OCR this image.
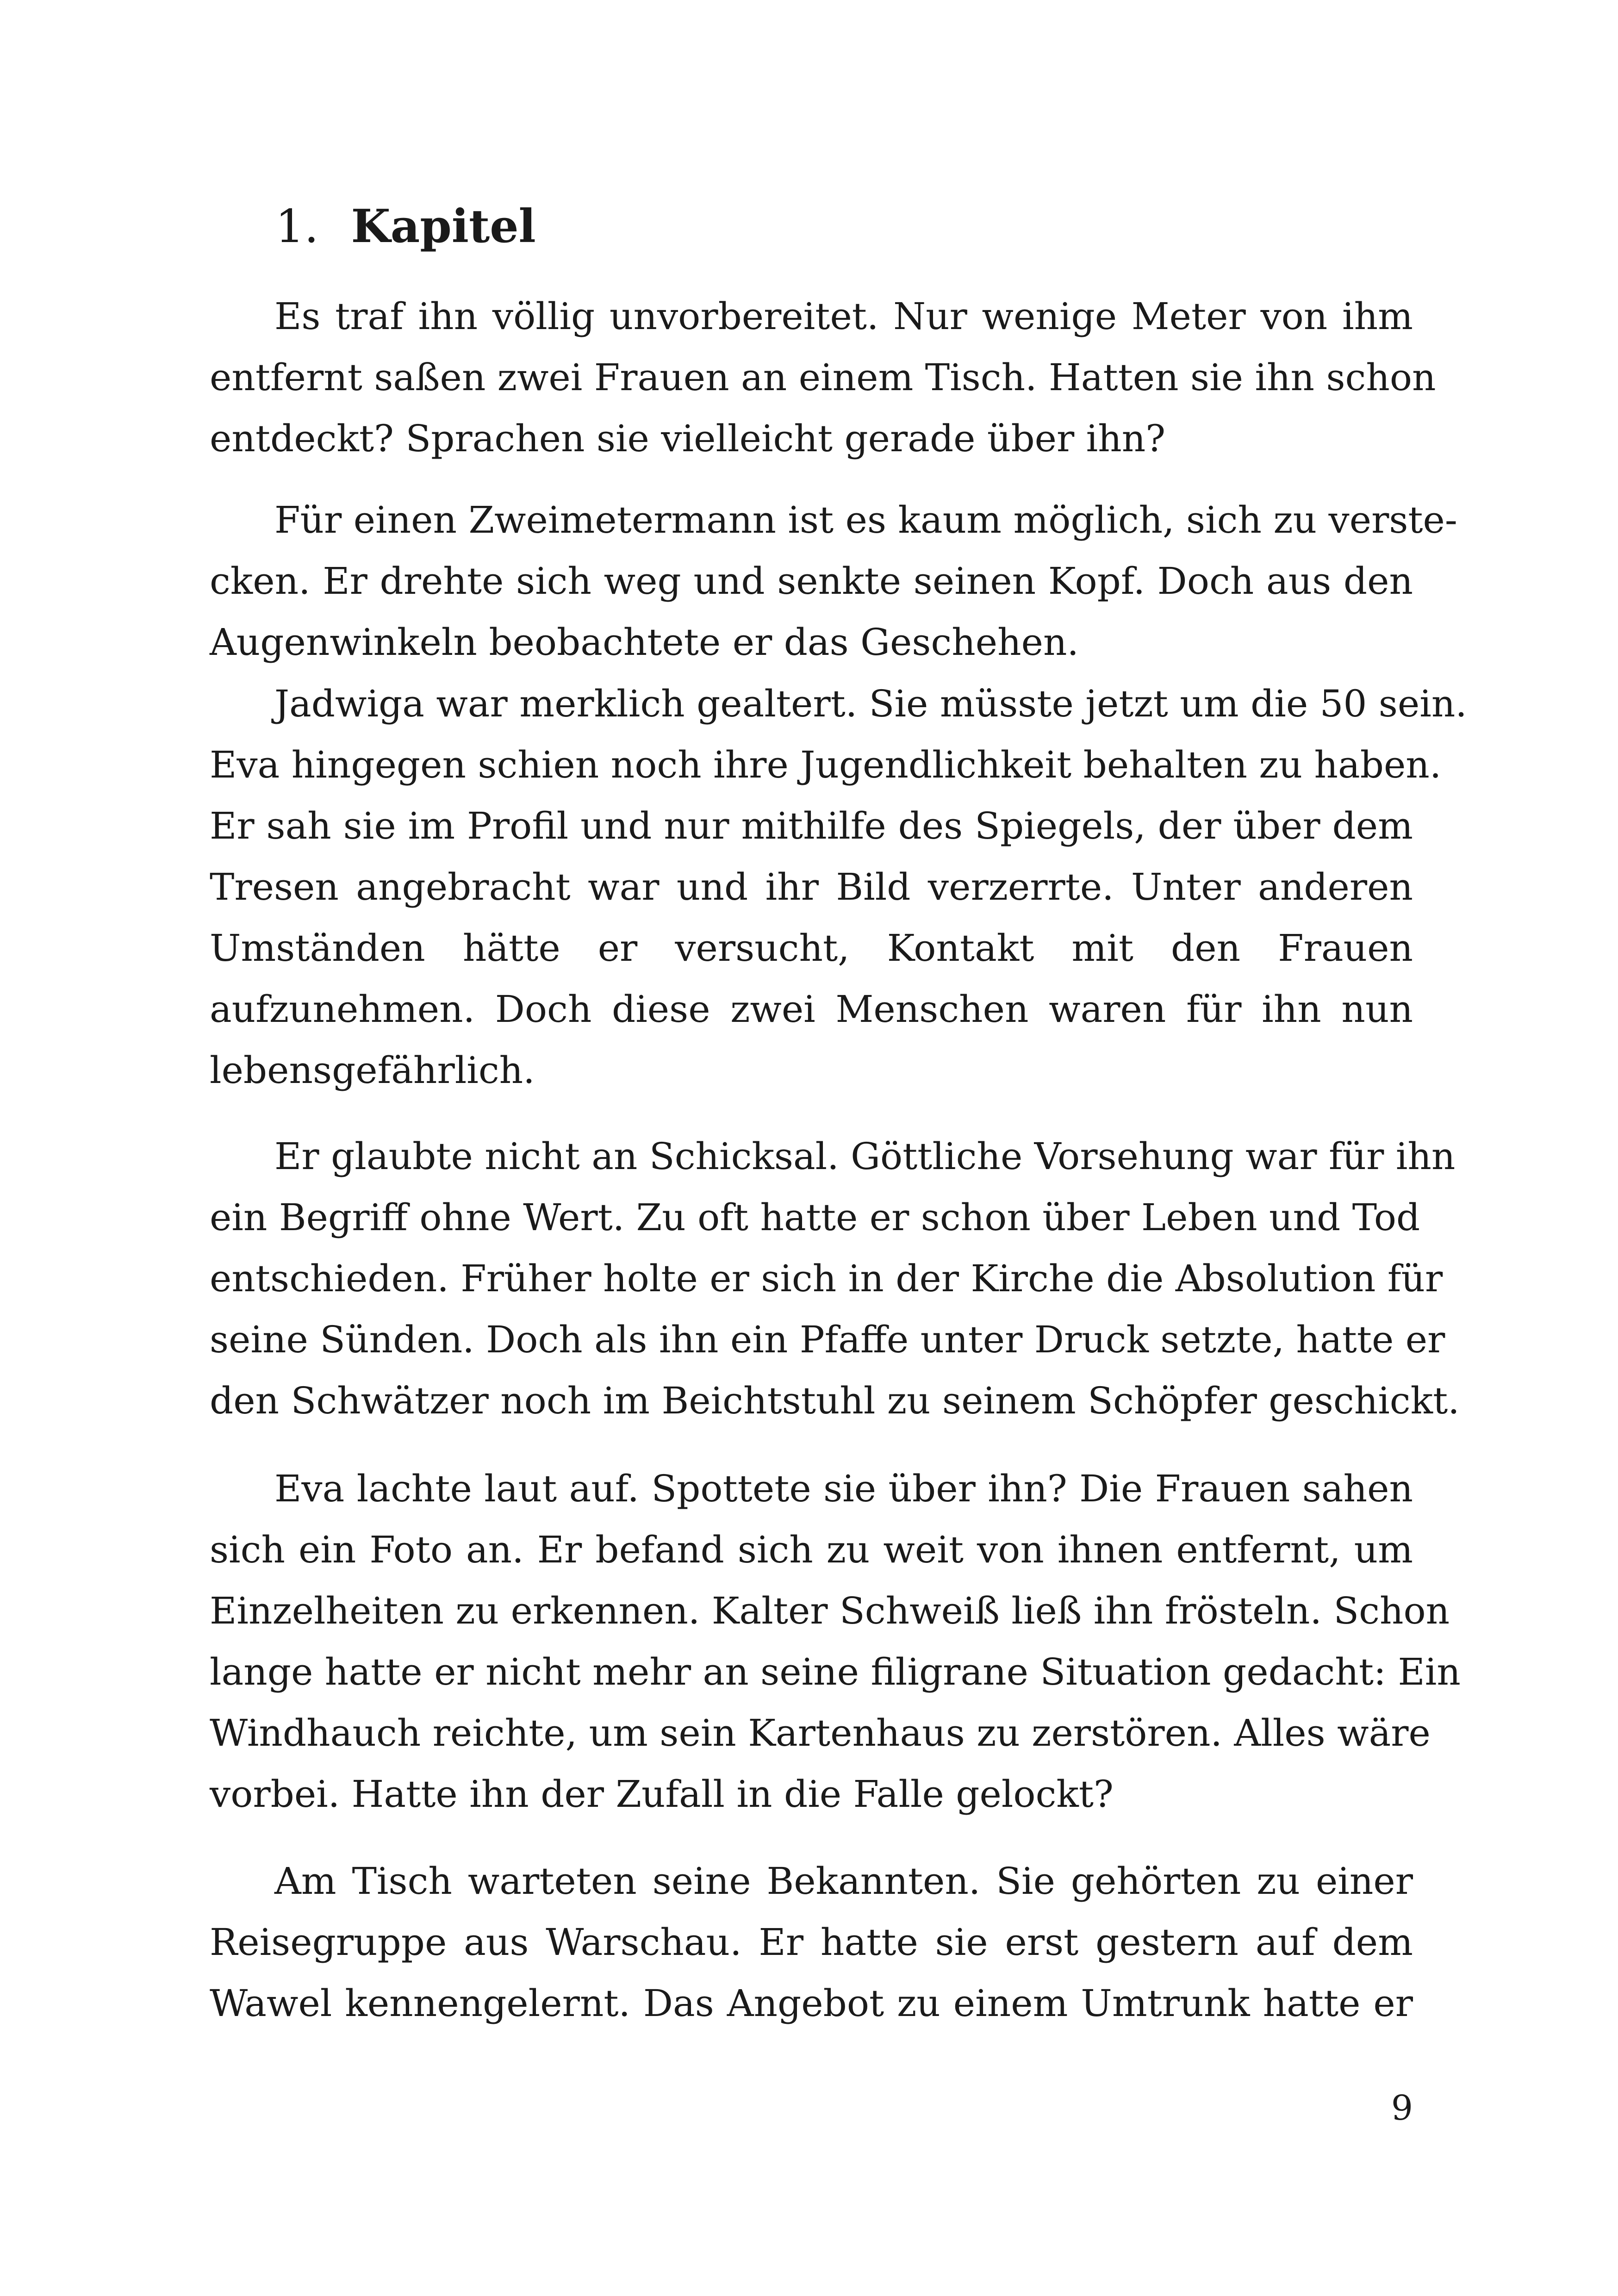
1. Kapitel
Es traf ihn völlig unvorbereitet. Nur wenige Meter von ihm
entfernt saßen zwei Frauen an einem Tisch. Hatten sie ihn schon
entdeckt? Sprachen sie vielleicht gerade über ihn?
Für einen Zweimetermann ist es kaum möglich, sich zu verste-
cken. Er drehte sich weg und senkte seinen Kopf. Doch aus den
Augenwinkeln beobachtete er das Geschehen.
Jadwiga war merklich gealtert. Sie müsste jetzt um die 50 sein.
Eva hingegen schien noch ihre Jugendlichkeit behalten zu haben.
Er sah sie im Profil und nur mithilfe des Spiegels, der über dem
Tresen angebracht war und ihr Bild verzerrte. Unter anderen
Umständen hätte er versucht, Kontakt mit den Frauen
aufzunehmen. Doch diese zwei Menschen waren für ihn nun
lebensgefährlich.
Er glaubte nicht an Schicksal. Göttliche Vorsehung war für ihn
ein Begriff ohne Wert. Zu oft hatte er schon über Leben und Tod
entschieden. Früher holte er sich in der Kirche die Absolution für
seine Sünden. Doch als ihn ein Pfaffe unter Druck setzte, hatte er
den Schwätzer noch im Beichtstuhl zu seinem Schöpfer geschickt.
Eva lachte laut auf. Spottete sie über ihn? Die Frauen sahen
sich ein Foto an. Er befand sich zu weit von ihnen entfernt, um
Einzelheiten zu erkennen. Kalter Schweiß ließ ihn frösteln. Schon
lange hatte er nicht mehr an seine filigrane Situation gedacht: Ein
Windhauch reichte, um sein Kartenhaus zu zerstören. Alles wäre
vorbei. Hatte ihn der Zufall in die Falle gelockt?
Am Tisch warteten seine Bekannten. Sie gehörten zu einer
Reisegruppe aus Warschau. Er hatte sie erst gestern auf dem
Wawel kennengelernt. Das Angebot zu einem Umtrunk hatte er
9
